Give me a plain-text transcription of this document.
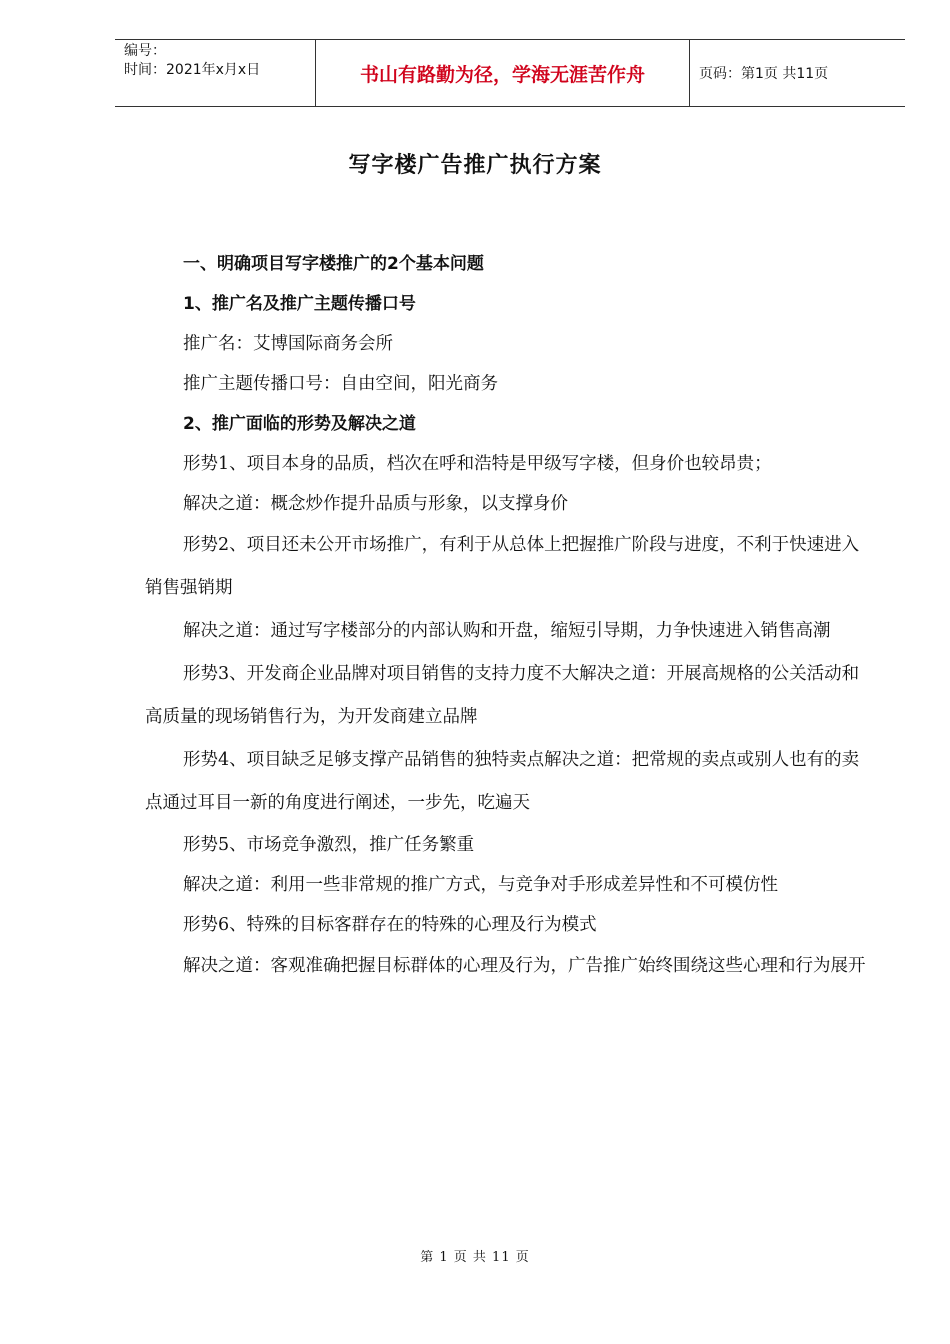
编号：
时间：2021年x月x日	书山有路勤为径，学海无涯苦作舟	页码：第1页 共11页
写字楼广告推广执行方案

一、明确项目写字楼推广的2个基本问题

1、推广名及推广主题传播口号

推广名：艾博国际商务会所

推广主题传播口号：自由空间，阳光商务

2、推广面临的形势及解决之道

形势1、项目本身的品质，档次在呼和浩特是甲级写字楼，但身价也较昂贵；

解决之道：概念炒作提升品质与形象，以支撑身价

形势2、项目还未公开市场推广，有利于从总体上把握推广阶段与进度，不利于快速进入销售强销期

解决之道：通过写字楼部分的内部认购和开盘，缩短引导期，力争快速进入销售高潮

形势3、开发商企业品牌对项目销售的支持力度不大解决之道：开展高规格的公关活动和高质量的现场销售行为，为开发商建立品牌

形势4、项目缺乏足够支撑产品销售的独特卖点解决之道：把常规的卖点或别人也有的卖点通过耳目一新的角度进行阐述，一步先，吃遍天

形势5、市场竞争激烈，推广任务繁重

解决之道：利用一些非常规的推广方式，与竞争对手形成差异性和不可模仿性

形势6、特殊的目标客群存在的特殊的心理及行为模式

解决之道：客观准确把握目标群体的心理及行为，广告推广始终围绕这些心理和行为展开

第 1 页 共 11 页
